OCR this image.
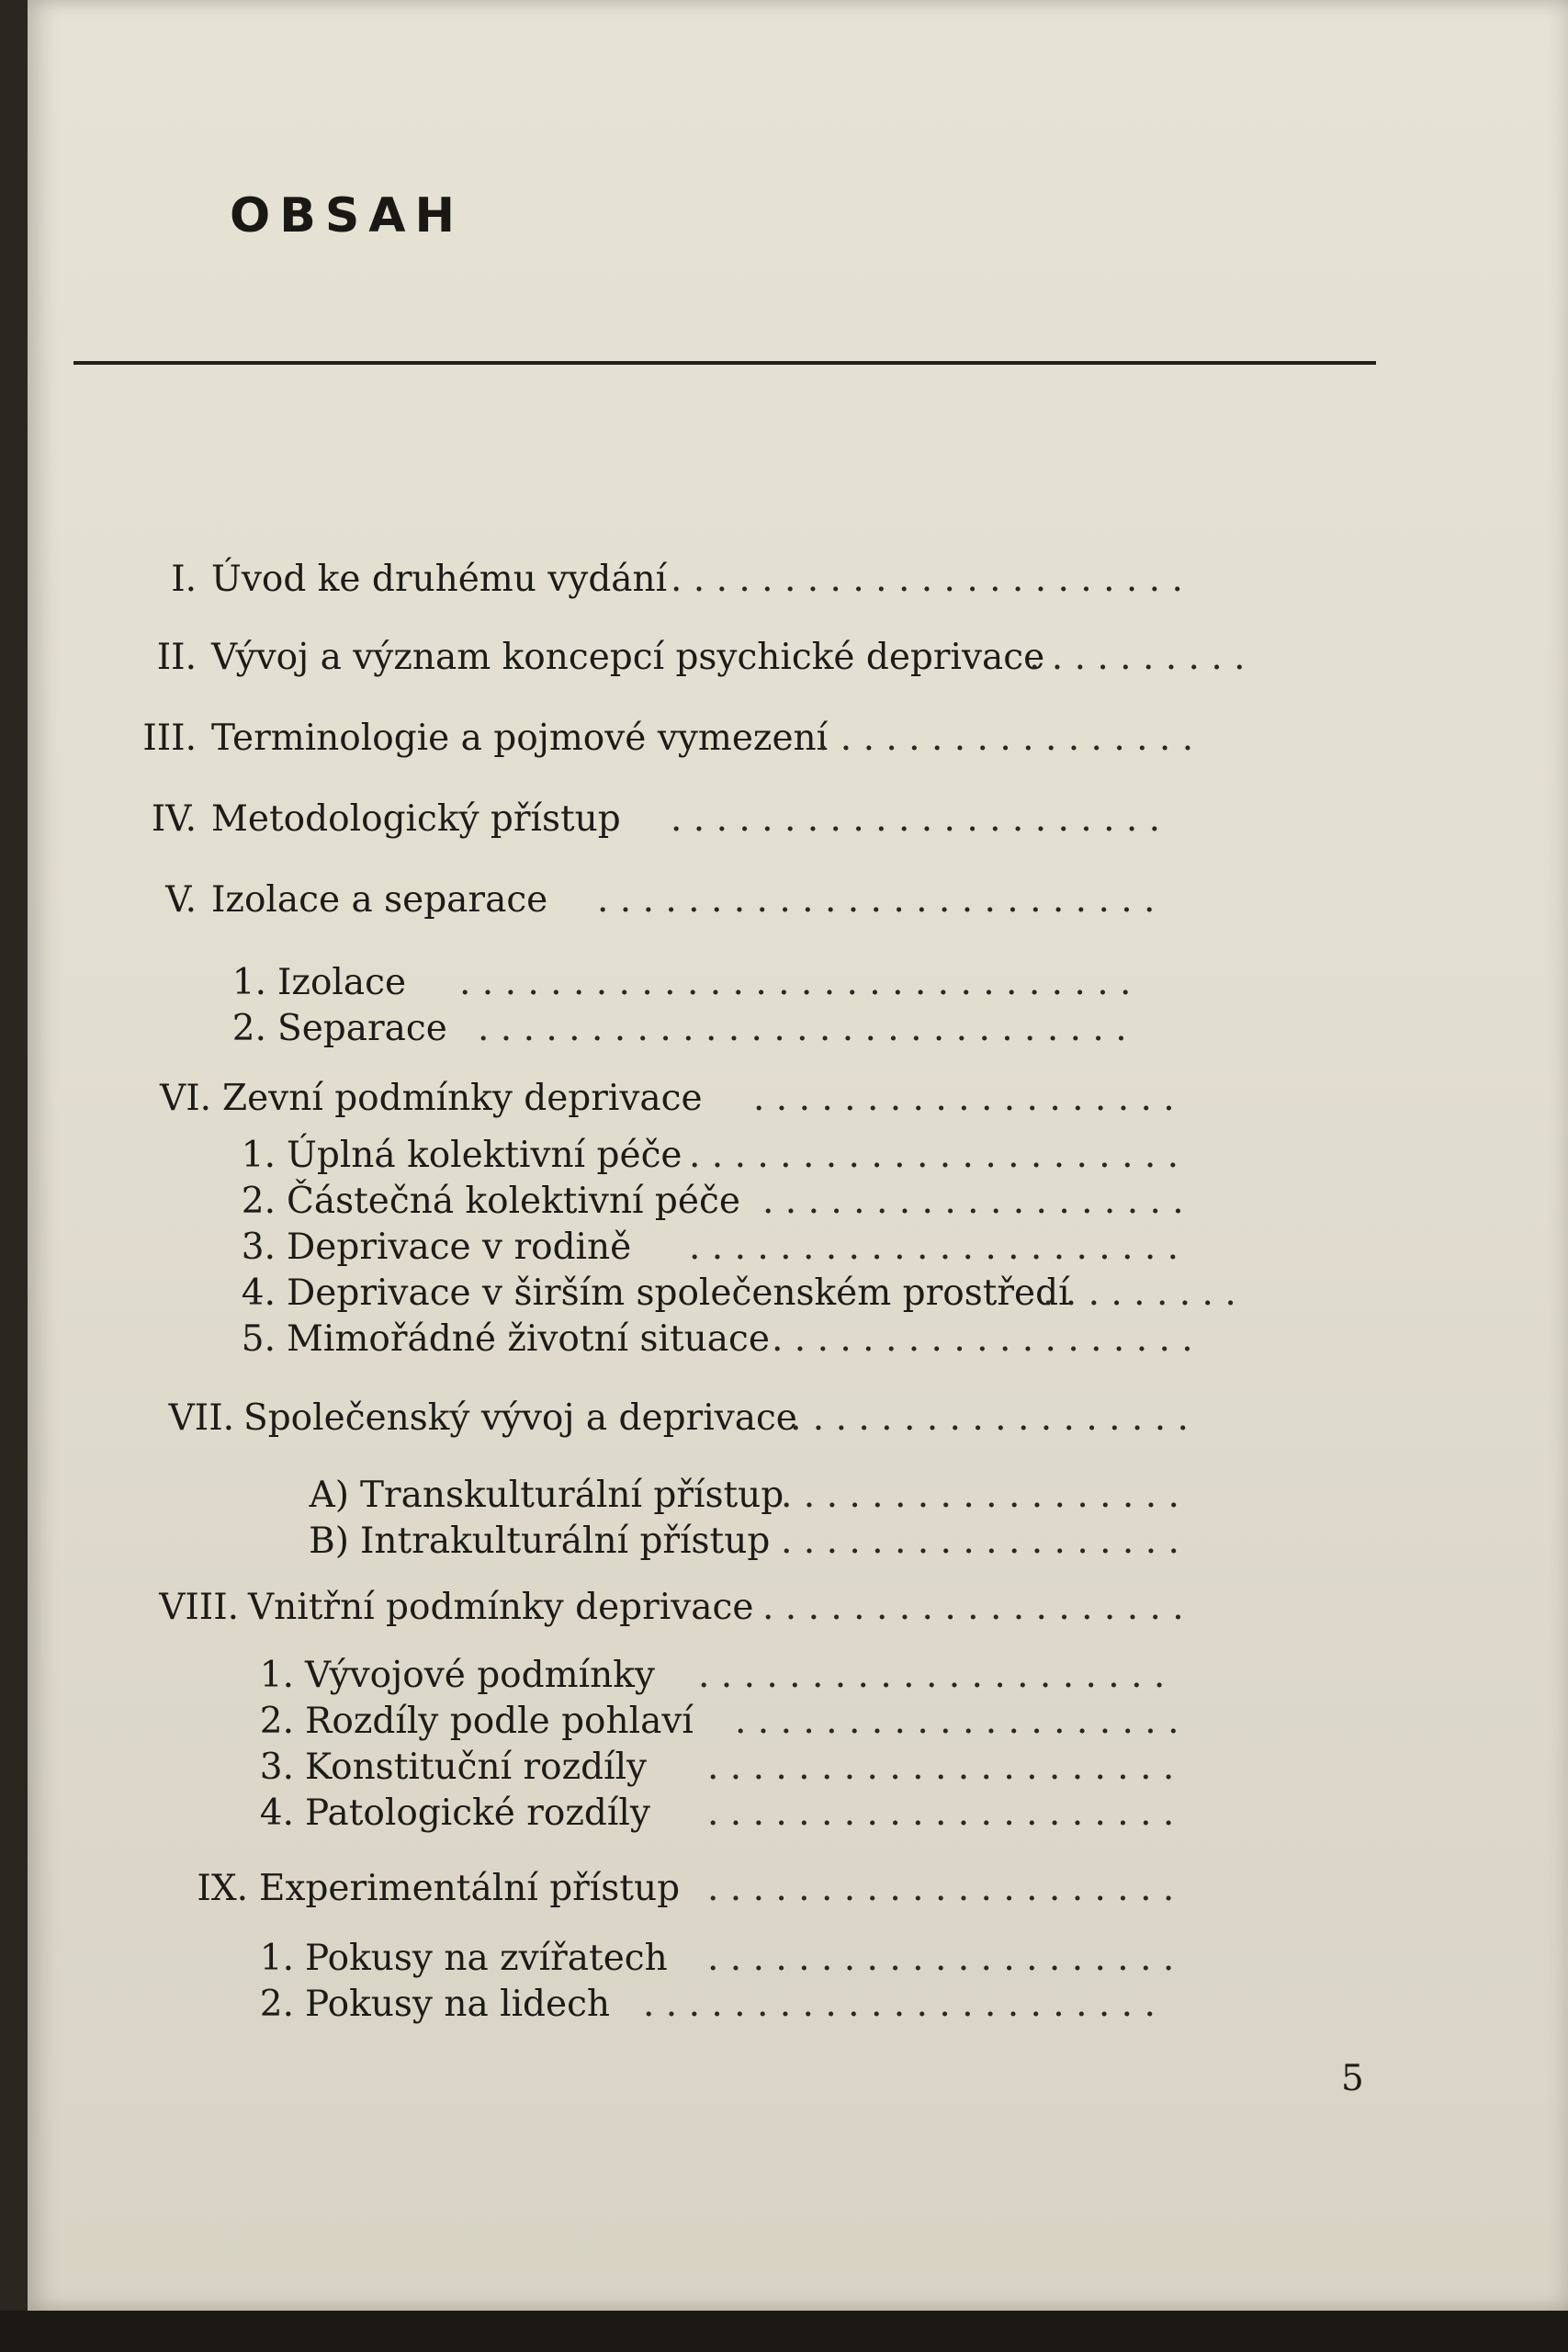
OBSAH
I. Úvod ke druhému vydání . . . . . . . . . . . . . . . . . . . . . . .
II. Vývoj a význam koncepcí psychické deprivace
. . . . . . . . . .
III. Terminologie a pojmové vymezení
. . . . . . . . . . . . . . . . .
IV. Metodologický přístup . . . . . . . . . . . . . . . . . . . . . .
V. Izolace a separace . . . . . . . . . . . . . . . . . . . . . . . . .
1. Izolace . . . . . . . . . . . . . . . . . . . . . . . . . . . . . .
2. Separace . . . . . . . . . . . . . . . . . . . . . . . . . . . . .
VI. Zevní podmínky deprivace . . . . . . . . . . . . . . . . . . .
1. Úplná kolektivní péče . . . . . . . . . . . . . . . . . . . . . .
2. Částečná kolektivní péče . . . . . . . . . . . . . . . . . . .
3. Deprivace v rodině . . . . . . . . . . . . . . . . . . . . . .
4. Deprivace v širším společenském prostředí
. . . . . . . . .
5. Mimořádné životní situace . . . . . . . . . . . . . . . . . . .
VII. Společenský vývoj a deprivace
. . . . . . . . . . . . . . . . . .
A) Transkulturální přístup
. . . . . . . . . . . . . . . . . .
B) Intrakulturální přístup . . . . . . . . . . . . . . . . . .
VIII. Vnitřní podmínky deprivace . . . . . . . . . . . . . . . . . . .
1. Vývojové podmínky . . . . . . . . . . . . . . . . . . . . .
2. Rozdíly podle pohlaví . . . . . . . . . . . . . . . . . . . .
3. Konstituční rozdíly . . . . . . . . . . . . . . . . . . . . .
4. Patologické rozdíly . . . . . . . . . . . . . . . . . . . . .
IX. Experimentální přístup . . . . . . . . . . . . . . . . . . . . .
1. Pokusy na zvířatech . . . . . . . . . . . . . . . . . . . . .
2. Pokusy na lidech . . . . . . . . . . . . . . . . . . . . . . .
5
